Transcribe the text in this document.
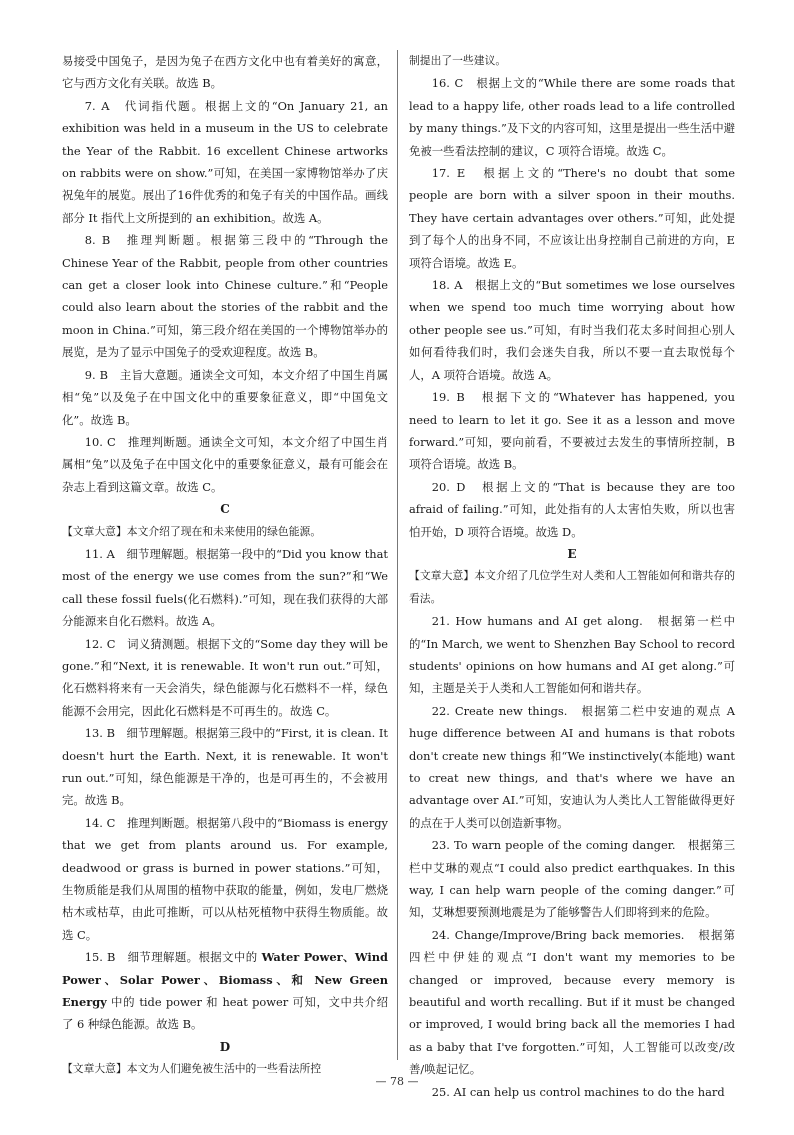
易接受中国兔子，是因为兔子在西方文化中也有着美好的寓意，它与西方文化有关联。故选 B。

7. A　代词指代题。根据上文的“On January 21, an exhibition was held in a museum in the US to celebrate the Year of the Rabbit. 16 excellent Chinese artworks on rabbits were on show.”可知，在美国一家博物馆举办了庆祝兔年的展览。展出了16件优秀的和兔子有关的中国作品。画线部分 It 指代上文所提到的 an exhibition。故选 A。

8. B　推理判断题。根据第三段中的“Through the Chinese Year of the Rabbit, people from other countries can get a closer look into Chinese culture.”和“People could also learn about the stories of the rabbit and the moon in China.”可知，第三段介绍在美国的一个博物馆举办的展览，是为了显示中国兔子的受欢迎程度。故选 B。

9. B　主旨大意题。通读全文可知，本文介绍了中国生肖属相“兔”以及兔子在中国文化中的重要象征意义，即“中国兔文化”。故选 B。

10. C　推理判断题。通读全文可知，本文介绍了中国生肖属相“兔”以及兔子在中国文化中的重要象征意义，最有可能会在杂志上看到这篇文章。故选 C。

C

【文章大意】本文介绍了现在和未来使用的绿色能源。

11. A　细节理解题。根据第一段中的“Did you know that most of the energy we use comes from the sun?”和“We call these fossil fuels(化石燃料).”可知，现在我们获得的大部分能源来自化石燃料。故选 A。

12. C　词义猜测题。根据下文的“Some day they will be gone.”和“Next, it is renewable. It won't run out.”可知，化石燃料将来有一天会消失，绿色能源与化石燃料不一样，绿色能源不会用完，因此化石燃料是不可再生的。故选 C。

13. B　细节理解题。根据第三段中的“First, it is clean. It doesn't hurt the Earth. Next, it is renewable. It won't run out.”可知，绿色能源是干净的，也是可再生的，不会被用完。故选 B。

14. C　推理判断题。根据第八段中的“Biomass is energy that we get from plants around us. For example, deadwood or grass is burned in power stations.”可知，生物质能是我们从周围的植物中获取的能量，例如，发电厂燃烧枯木或枯草，由此可推断，可以从枯死植物中获得生物质能。故选 C。

15. B　细节理解题。根据文中的 Water Power、Wind Power、Solar Power、Biomass、和 New Green Energy 中的 tide power 和 heat power 可知，文中共介绍了 6 种绿色能源。故选 B。

D

【文章大意】本文为人们避免被生活中的一些看法所控

制提出了一些建议。

16. C　根据上文的“While there are some roads that lead to a happy life, other roads lead to a life controlled by many things.”及下文的内容可知，这里是提出一些生活中避免被一些看法控制的建议，C 项符合语境。故选 C。

17. E　根据上文的“There's no doubt that some people are born with a silver spoon in their mouths. They have certain advantages over others.”可知，此处提到了每个人的出身不同，不应该让出身控制自己前进的方向，E 项符合语境。故选 E。

18. A　根据上文的“But sometimes we lose ourselves when we spend too much time worrying about how other people see us.”可知，有时当我们花太多时间担心别人如何看待我们时，我们会迷失自我，所以不要一直去取悦每个人，A 项符合语境。故选 A。

19. B　根据下文的“Whatever has happened, you need to learn to let it go. See it as a lesson and move forward.”可知，要向前看，不要被过去发生的事情所控制，B 项符合语境。故选 B。

20. D　根据上文的“That is because they are too afraid of failing.”可知，此处指有的人太害怕失败，所以也害怕开始，D 项符合语境。故选 D。

E

【文章大意】本文介绍了几位学生对人类和人工智能如何和谐共存的看法。

21. How humans and AI get along.　根据第一栏中的“In March, we went to Shenzhen Bay School to record students' opinions on how humans and AI get along.”可知，主题是关于人类和人工智能如何和谐共存。

22. Create new things.　根据第二栏中安迪的观点 A huge difference between AI and humans is that robots don't create new things 和“We instinctively(本能地) want to creat new things, and that's where we have an advantage over AI.”可知，安迪认为人类比人工智能做得更好的点在于人类可以创造新事物。

23. To warn people of the coming danger.　根据第三栏中艾琳的观点“I could also predict earthquakes. In this way, I can help warn people of the coming danger.”可知，艾琳想要预测地震是为了能够警告人们即将到来的危险。

24. Change/Improve/Bring back memories.　根据第四栏中伊娃的观点“I don't want my memories to be changed or improved, because every memory is beautiful and worth recalling. But if it must be changed or improved, I would bring back all the memories I had as a baby that I've forgotten.”可知，人工智能可以改变/改善/唤起记忆。

25. AI can help us control machines to do the hard

— 78 —
